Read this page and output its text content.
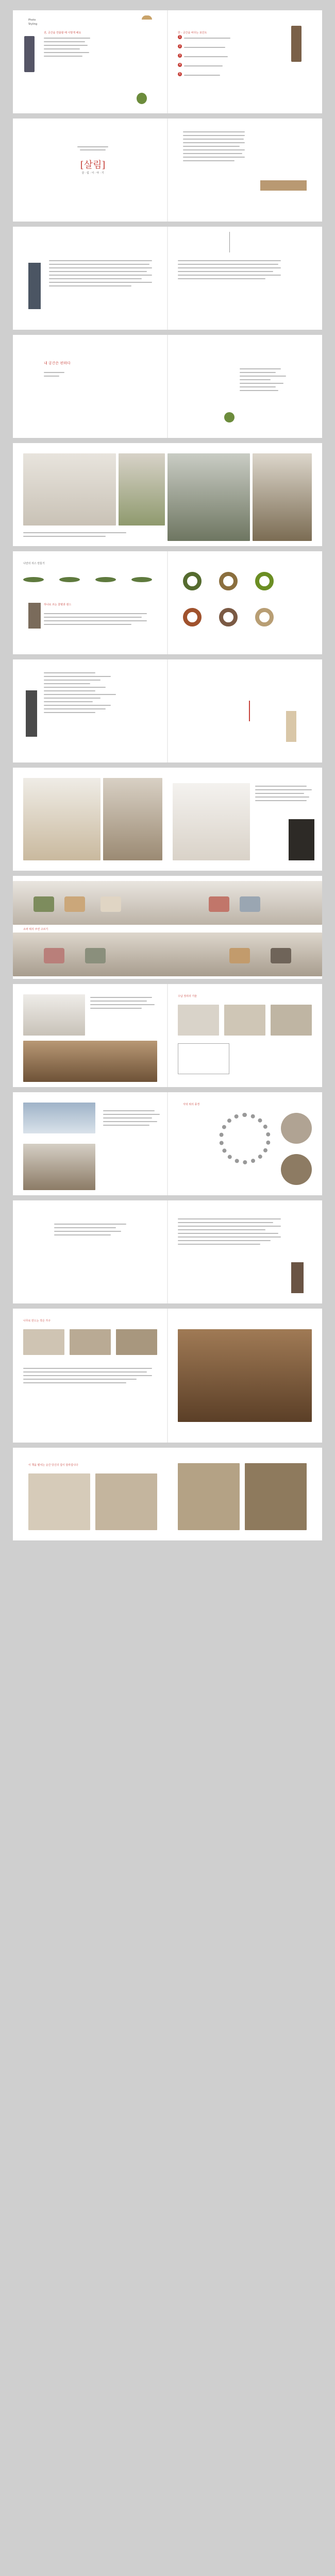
Photo
Styling
전, 공간을 연출할 때 이렇게 해요	한 - 공간을 바꾸는 포인트
1
2
3
4
5
[살림]
살 · 림 · 이 · 야 · 기

내 공간은 편하다
나만의 리스 만들기
하나로 쓰는 꽃병과 센스
소파 위의 쿠션 고르기
수납 정리의 기술
식탁 위의 풍경
나무로 만드는 작은 가구
이 책을 펼치는 순간 당신의 집이 달라집니다
